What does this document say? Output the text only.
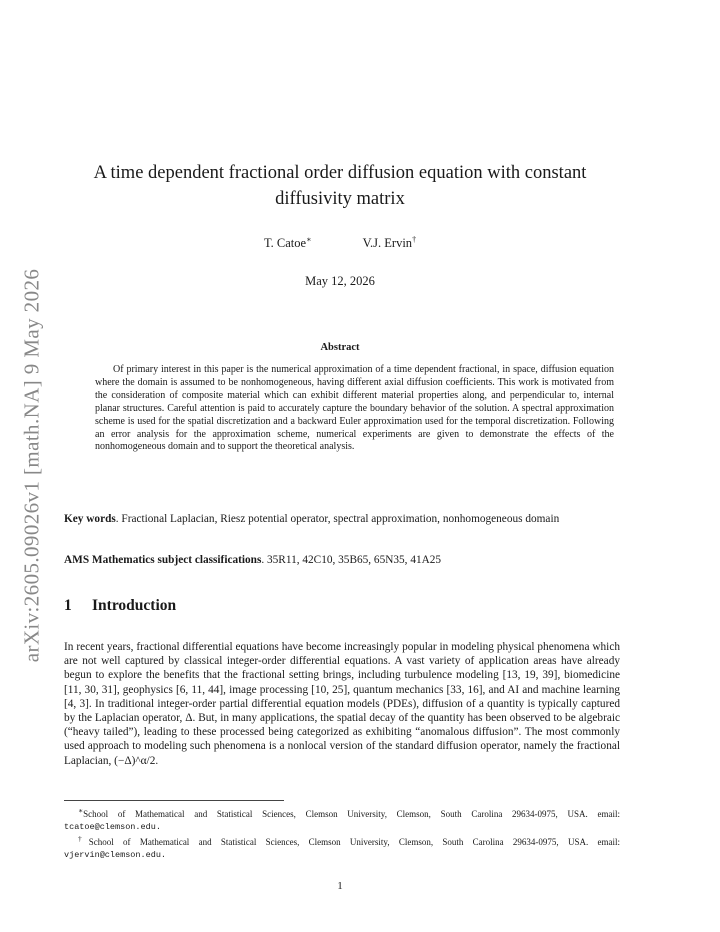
arXiv:2605.09026v1 [math.NA] 9 May 2026
A time dependent fractional order diffusion equation with constant diffusivity matrix
T. Catoe∗	V.J. Ervin†
May 12, 2026
Abstract

Of primary interest in this paper is the numerical approximation of a time dependent fractional, in space, diffusion equation where the domain is assumed to be nonhomogeneous, having different axial diffusion coefficients. This work is motivated from the consideration of composite material which can exhibit different material properties along, and perpendicular to, internal planar structures. Careful attention is paid to accurately capture the boundary behavior of the solution. A spectral approximation scheme is used for the spatial discretization and a backward Euler approximation used for the temporal discretization. Following an error analysis for the approximation scheme, numerical experiments are given to demonstrate the effects of the nonhomogeneous domain and to support the theoretical analysis.

Key words. Fractional Laplacian, Riesz potential operator, spectral approximation, nonhomogeneous domain

AMS Mathematics subject classifications. 35R11, 42C10, 35B65, 65N35, 41A25

1 Introduction

In recent years, fractional differential equations have become increasingly popular in modeling physical phenomena which are not well captured by classical integer-order differential equations. A vast variety of application areas have already begun to explore the benefits that the fractional setting brings, including turbulence modeling [13, 19, 39], biomedicine [11, 30, 31], geophysics [6, 11, 44], image processing [10, 25], quantum mechanics [33, 16], and AI and machine learning [4, 3]. In traditional integer-order partial differential equation models (PDEs), diffusion of a quantity is typically captured by the Laplacian operator, Δ. But, in many applications, the spatial decay of the quantity has been observed to be algebraic (“heavy tailed”), leading to these processed being categorized as exhibiting “anomalous diffusion”. The most commonly used approach to modeling such phenomena is a nonlocal version of the standard diffusion operator, namely the fractional Laplacian, (−Δ)^α/2.

∗School of Mathematical and Statistical Sciences, Clemson University, Clemson, South Carolina 29634-0975, USA. email: tcatoe@clemson.edu.
†School of Mathematical and Statistical Sciences, Clemson University, Clemson, South Carolina 29634-0975, USA. email: vjervin@clemson.edu.
1
